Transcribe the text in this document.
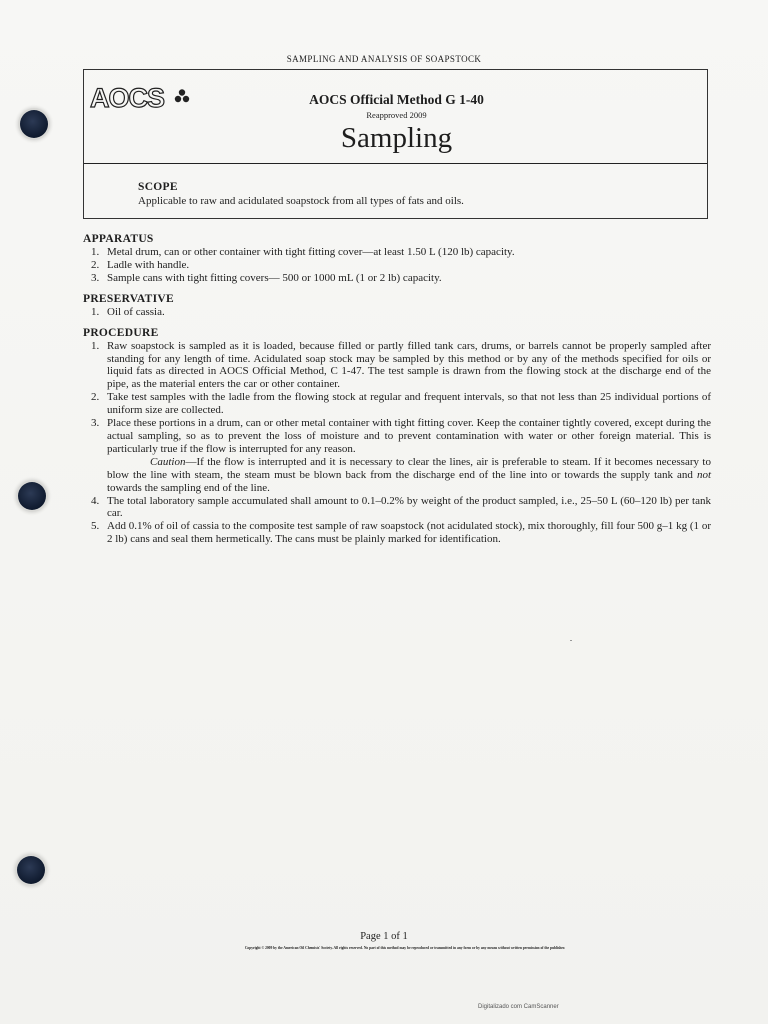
SAMPLING AND ANALYSIS OF SOAPSTOCK
AOCS	AOCS Official Method G 1-40
Reapproved 2009
Sampling
SCOPE
Applicable to raw and acidulated soapstock from all types of fats and oils.
APPARATUS
1. Metal drum, can or other container with tight fitting cover—at least 1.50 L (120 lb) capacity.
2. Ladle with handle.
3. Sample cans with tight fitting covers— 500 or 1000 mL (1 or 2 lb) capacity.
PRESERVATIVE
1. Oil of cassia.
PROCEDURE
1. Raw soapstock is sampled as it is loaded, because filled or partly filled tank cars, drums, or barrels cannot be properly sampled after standing for any length of time. Acidulated soap stock may be sampled by this method or by any of the methods specified for oils or liquid fats as directed in AOCS Official Method, C 1-47. The test sample is drawn from the flowing stock at the discharge end of the pipe, as the material enters the car or other container.
2. Take test samples with the ladle from the flowing stock at regular and frequent intervals, so that not less than 25 individual portions of uniform size are collected.
3. Place these portions in a drum, can or other metal container with tight fitting cover. Keep the container tightly covered, except during the actual sampling, so as to prevent the loss of moisture and to prevent contamination with water or other foreign material. This is particularly true if the flow is interrupted for any reason.
Caution—If the flow is interrupted and it is necessary to clear the lines, air is preferable to steam. If it becomes necessary to blow the line with steam, the steam must be blown back from the discharge end of the line into or towards the supply tank and not towards the sampling end of the line.
4. The total laboratory sample accumulated shall amount to 0.1–0.2% by weight of the product sampled, i.e., 25–50 L (60–120 lb) per tank car.
5. Add 0.1% of oil of cassia to the composite test sample of raw soapstock (not acidulated stock), mix thoroughly, fill four 500 g–1 kg (1 or 2 lb) cans and seal them hermetically. The cans must be plainly marked for identification.
Page 1 of 1
Copyright © 2009 by the American Oil Chemists' Society. All rights reserved. No part of this method may be reproduced or transmitted in any form or by any means without written permission of the publisher.
Digitalizado com CamScanner
